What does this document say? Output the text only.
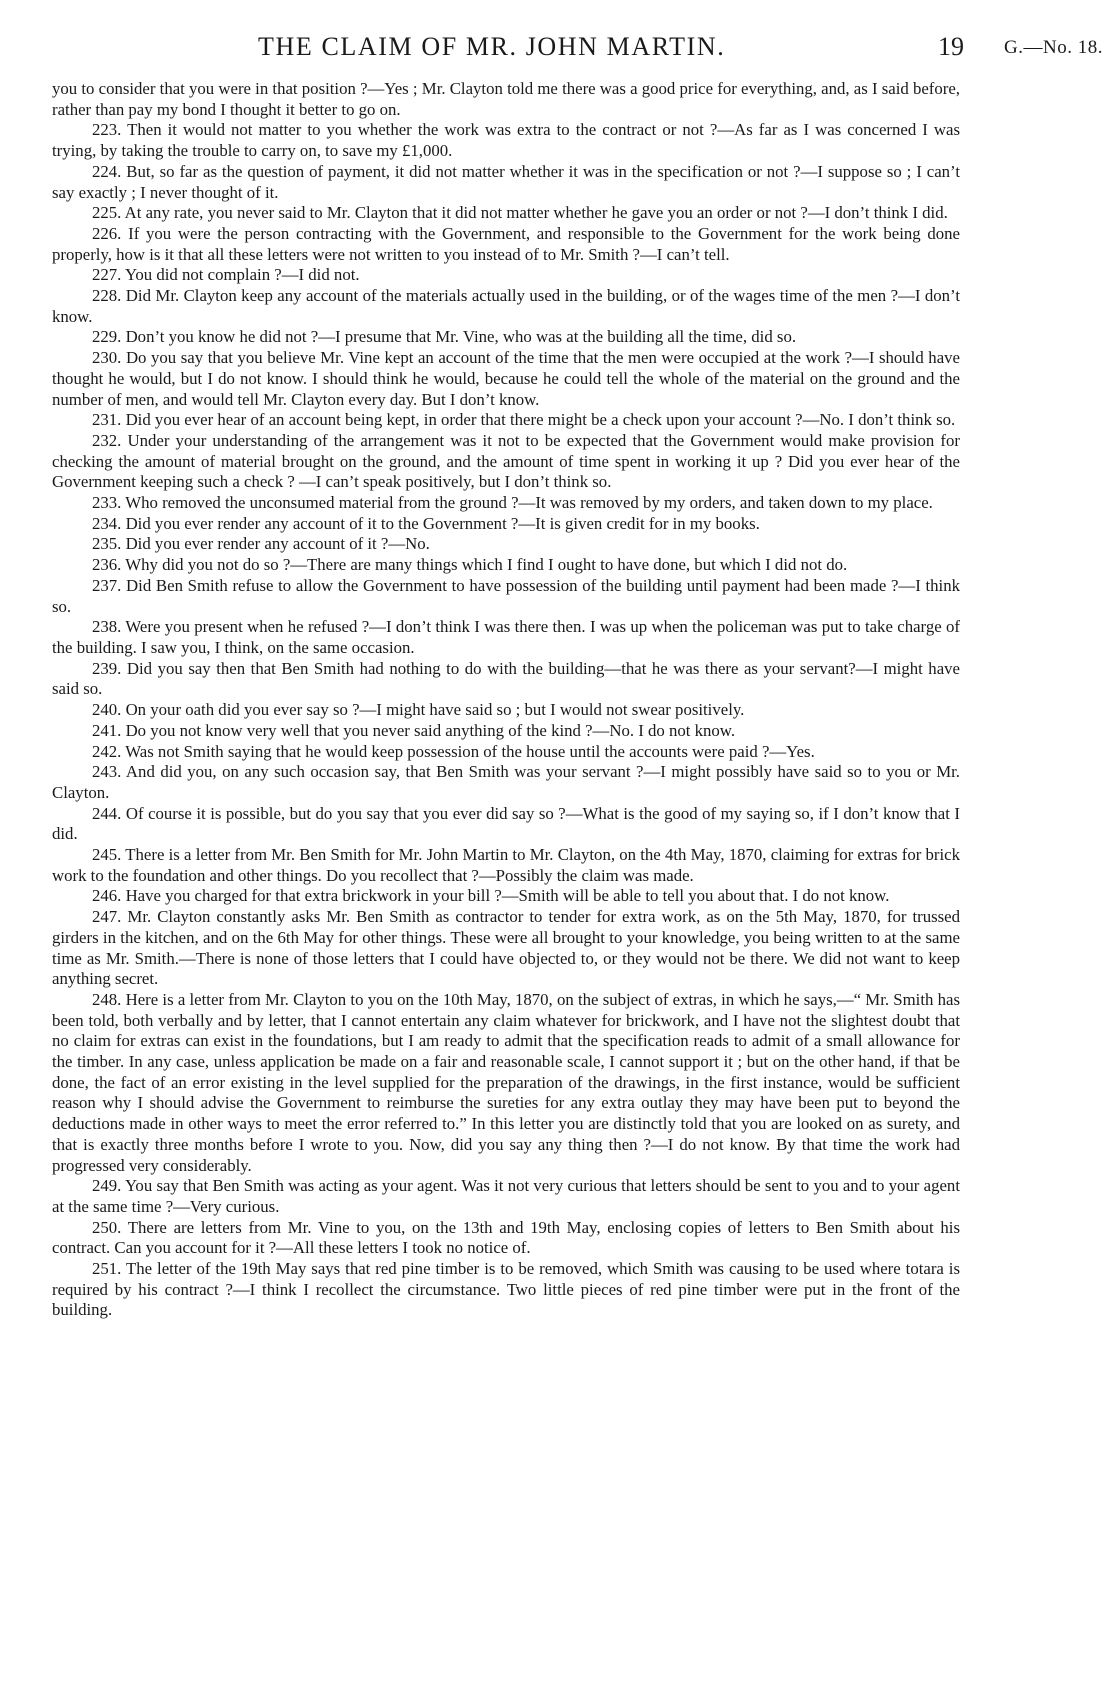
THE CLAIM OF MR. JOHN MARTIN.	19 G.—No. 18.

you to consider that you were in that position ?—Yes ; Mr. Clayton told me there was a good price for everything, and, as I said before, rather than pay my bond I thought it better to go on.

223. Then it would not matter to you whether the work was extra to the contract or not ?—As far as I was concerned I was trying, by taking the trouble to carry on, to save my £1,000.

224. But, so far as the question of payment, it did not matter whether it was in the specification or not ?—I suppose so ; I can’t say exactly ; I never thought of it.

225. At any rate, you never said to Mr. Clayton that it did not matter whether he gave you an order or not ?—I don’t think I did.

226. If you were the person contracting with the Government, and responsible to the Government for the work being done properly, how is it that all these letters were not written to you instead of to Mr. Smith ?—I can’t tell.

227. You did not complain ?—I did not.

228. Did Mr. Clayton keep any account of the materials actually used in the building, or of the wages time of the men ?—I don’t know.

229. Don’t you know he did not ?—I presume that Mr. Vine, who was at the building all the time, did so.

230. Do you say that you believe Mr. Vine kept an account of the time that the men were occupied at the work ?—I should have thought he would, but I do not know. I should think he would, because he could tell the whole of the material on the ground and the number of men, and would tell Mr. Clayton every day. But I don’t know.

231. Did you ever hear of an account being kept, in order that there might be a check upon your account ?—No. I don’t think so.

232. Under your understanding of the arrangement was it not to be expected that the Government would make provision for checking the amount of material brought on the ground, and the amount of time spent in working it up ? Did you ever hear of the Government keeping such a check ? —I can’t speak positively, but I don’t think so.

233. Who removed the unconsumed material from the ground ?—It was removed by my orders, and taken down to my place.

234. Did you ever render any account of it to the Government ?—It is given credit for in my books.

235. Did you ever render any account of it ?—No.

236. Why did you not do so ?—There are many things which I find I ought to have done, but which I did not do.

237. Did Ben Smith refuse to allow the Government to have possession of the building until payment had been made ?—I think so.

238. Were you present when he refused ?—I don’t think I was there then. I was up when the policeman was put to take charge of the building. I saw you, I think, on the same occasion.

239. Did you say then that Ben Smith had nothing to do with the building—that he was there as your servant?—I might have said so.

240. On your oath did you ever say so ?—I might have said so ; but I would not swear positively.

241. Do you not know very well that you never said anything of the kind ?—No. I do not know.

242. Was not Smith saying that he would keep possession of the house until the accounts were paid ?—Yes.

243. And did you, on any such occasion say, that Ben Smith was your servant ?—I might possibly have said so to you or Mr. Clayton.

244. Of course it is possible, but do you say that you ever did say so ?—What is the good of my saying so, if I don’t know that I did.

245. There is a letter from Mr. Ben Smith for Mr. John Martin to Mr. Clayton, on the 4th May, 1870, claiming for extras for brick work to the foundation and other things. Do you recollect that ?—Possibly the claim was made.

246. Have you charged for that extra brickwork in your bill ?—Smith will be able to tell you about that. I do not know.

247. Mr. Clayton constantly asks Mr. Ben Smith as contractor to tender for extra work, as on the 5th May, 1870, for trussed girders in the kitchen, and on the 6th May for other things. These were all brought to your knowledge, you being written to at the same time as Mr. Smith.—There is none of those letters that I could have objected to, or they would not be there. We did not want to keep anything secret.

248. Here is a letter from Mr. Clayton to you on the 10th May, 1870, on the subject of extras, in which he says,—“ Mr. Smith has been told, both verbally and by letter, that I cannot entertain any claim whatever for brickwork, and I have not the slightest doubt that no claim for extras can exist in the foundations, but I am ready to admit that the specification reads to admit of a small allowance for the timber. In any case, unless application be made on a fair and reasonable scale, I cannot support it ; but on the other hand, if that be done, the fact of an error existing in the level supplied for the preparation of the drawings, in the first instance, would be sufficient reason why I should advise the Government to reimburse the sureties for any extra outlay they may have been put to beyond the deductions made in other ways to meet the error referred to.” In this letter you are distinctly told that you are looked on as surety, and that is exactly three months before I wrote to you. Now, did you say any thing then ?—I do not know. By that time the work had progressed very considerably.

249. You say that Ben Smith was acting as your agent. Was it not very curious that letters should be sent to you and to your agent at the same time ?—Very curious.

250. There are letters from Mr. Vine to you, on the 13th and 19th May, enclosing copies of letters to Ben Smith about his contract. Can you account for it ?—All these letters I took no notice of.

251. The letter of the 19th May says that red pine timber is to be removed, which Smith was causing to be used where totara is required by his contract ?—I think I recollect the circumstance. Two little pieces of red pine timber were put in the front of the building.
